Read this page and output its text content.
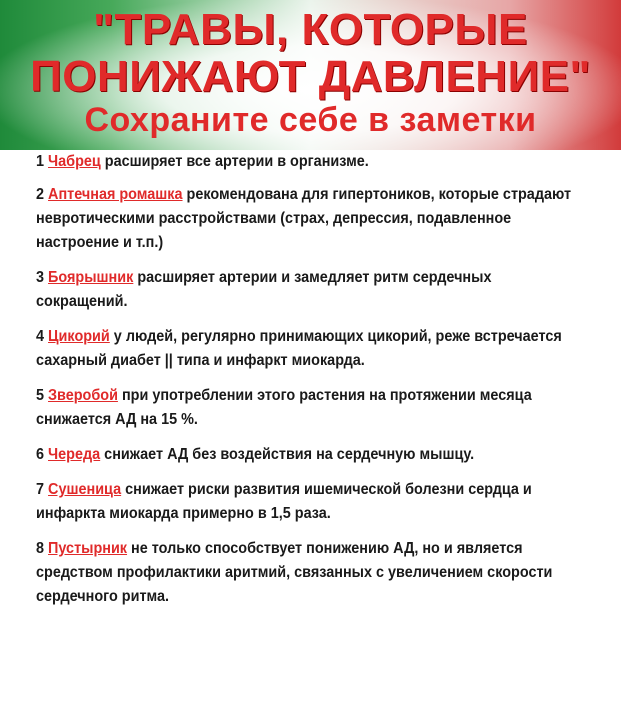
"ТРАВЫ, КОТОРЫЕ
ПОНИЖАЮТ ДАВЛЕНИЕ"
Сохраните себе в заметки
1 Чабрец расширяет все артерии в организме.
2 Аптечная ромашка рекомендована для гипертоников, которые страдают невротическими расстройствами (страх, депрессия, подавленное настроение и т.п.)
3 Боярышник расширяет артерии и замедляет ритм сердечных сокращений.
4 Цикорий у людей, регулярно принимающих цикорий, реже встречается сахарный диабет || типа и инфаркт миокарда.
5 Зверобой при употреблении этого растения на протяжении месяца снижается АД на 15 %.
6 Череда снижает АД без воздействия на сердечную мышцу.
7 Сушеница снижает риски развития ишемической болезни сердца и инфаркта миокарда примерно в 1,5 раза.
8 Пустырник не только способствует понижению АД, но и является средством профилактики аритмий, связанных с увеличением скорости сердечного ритма.
